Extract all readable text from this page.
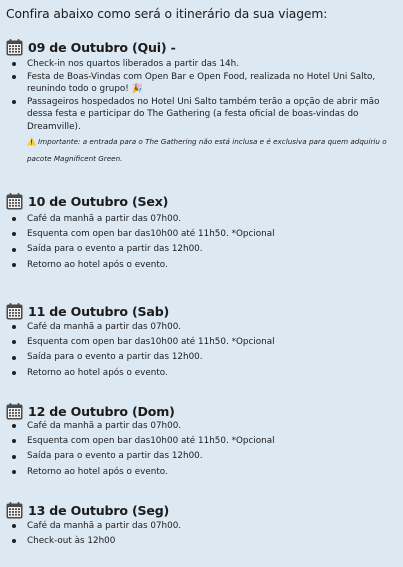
Confira abaixo como será o itinerário da sua viagem:
09 de Outubro (Qui) -
Check-in nos quartos liberados a partir das 14h.
Festa de Boas-Vindas com Open Bar e Open Food, realizada no Hotel Uni Salto, reunindo todo o grupo! 🎉
Passageiros hospedados no Hotel Uni Salto também terão a opção de abrir mão dessa festa e participar do The Gathering (a festa oficial de boas-vindas do Dreamville).
⚠️ Importante: a entrada para o The Gathering não está inclusa e é exclusiva para quem adquiriu o pacote Magnificent Green.
10 de Outubro (Sex)
Café da manhã a partir das 07h00.
Esquenta com open bar das10h00 até 11h50. *Opcional
Saída para o evento a partir das 12h00.
Retorno ao hotel após o evento.
11 de Outubro (Sab)
Café da manhã a partir das 07h00.
Esquenta com open bar das10h00 até 11h50. *Opcional
Saída para o evento a partir das 12h00.
Retorno ao hotel após o evento.
12 de Outubro (Dom)
Café da manhã a partir das 07h00.
Esquenta com open bar das10h00 até 11h50. *Opcional
Saída para o evento a partir das 12h00.
Retorno ao hotel após o evento.
13 de Outubro (Seg)
Café da manhã a partir das 07h00.
Check-out às 12h00
